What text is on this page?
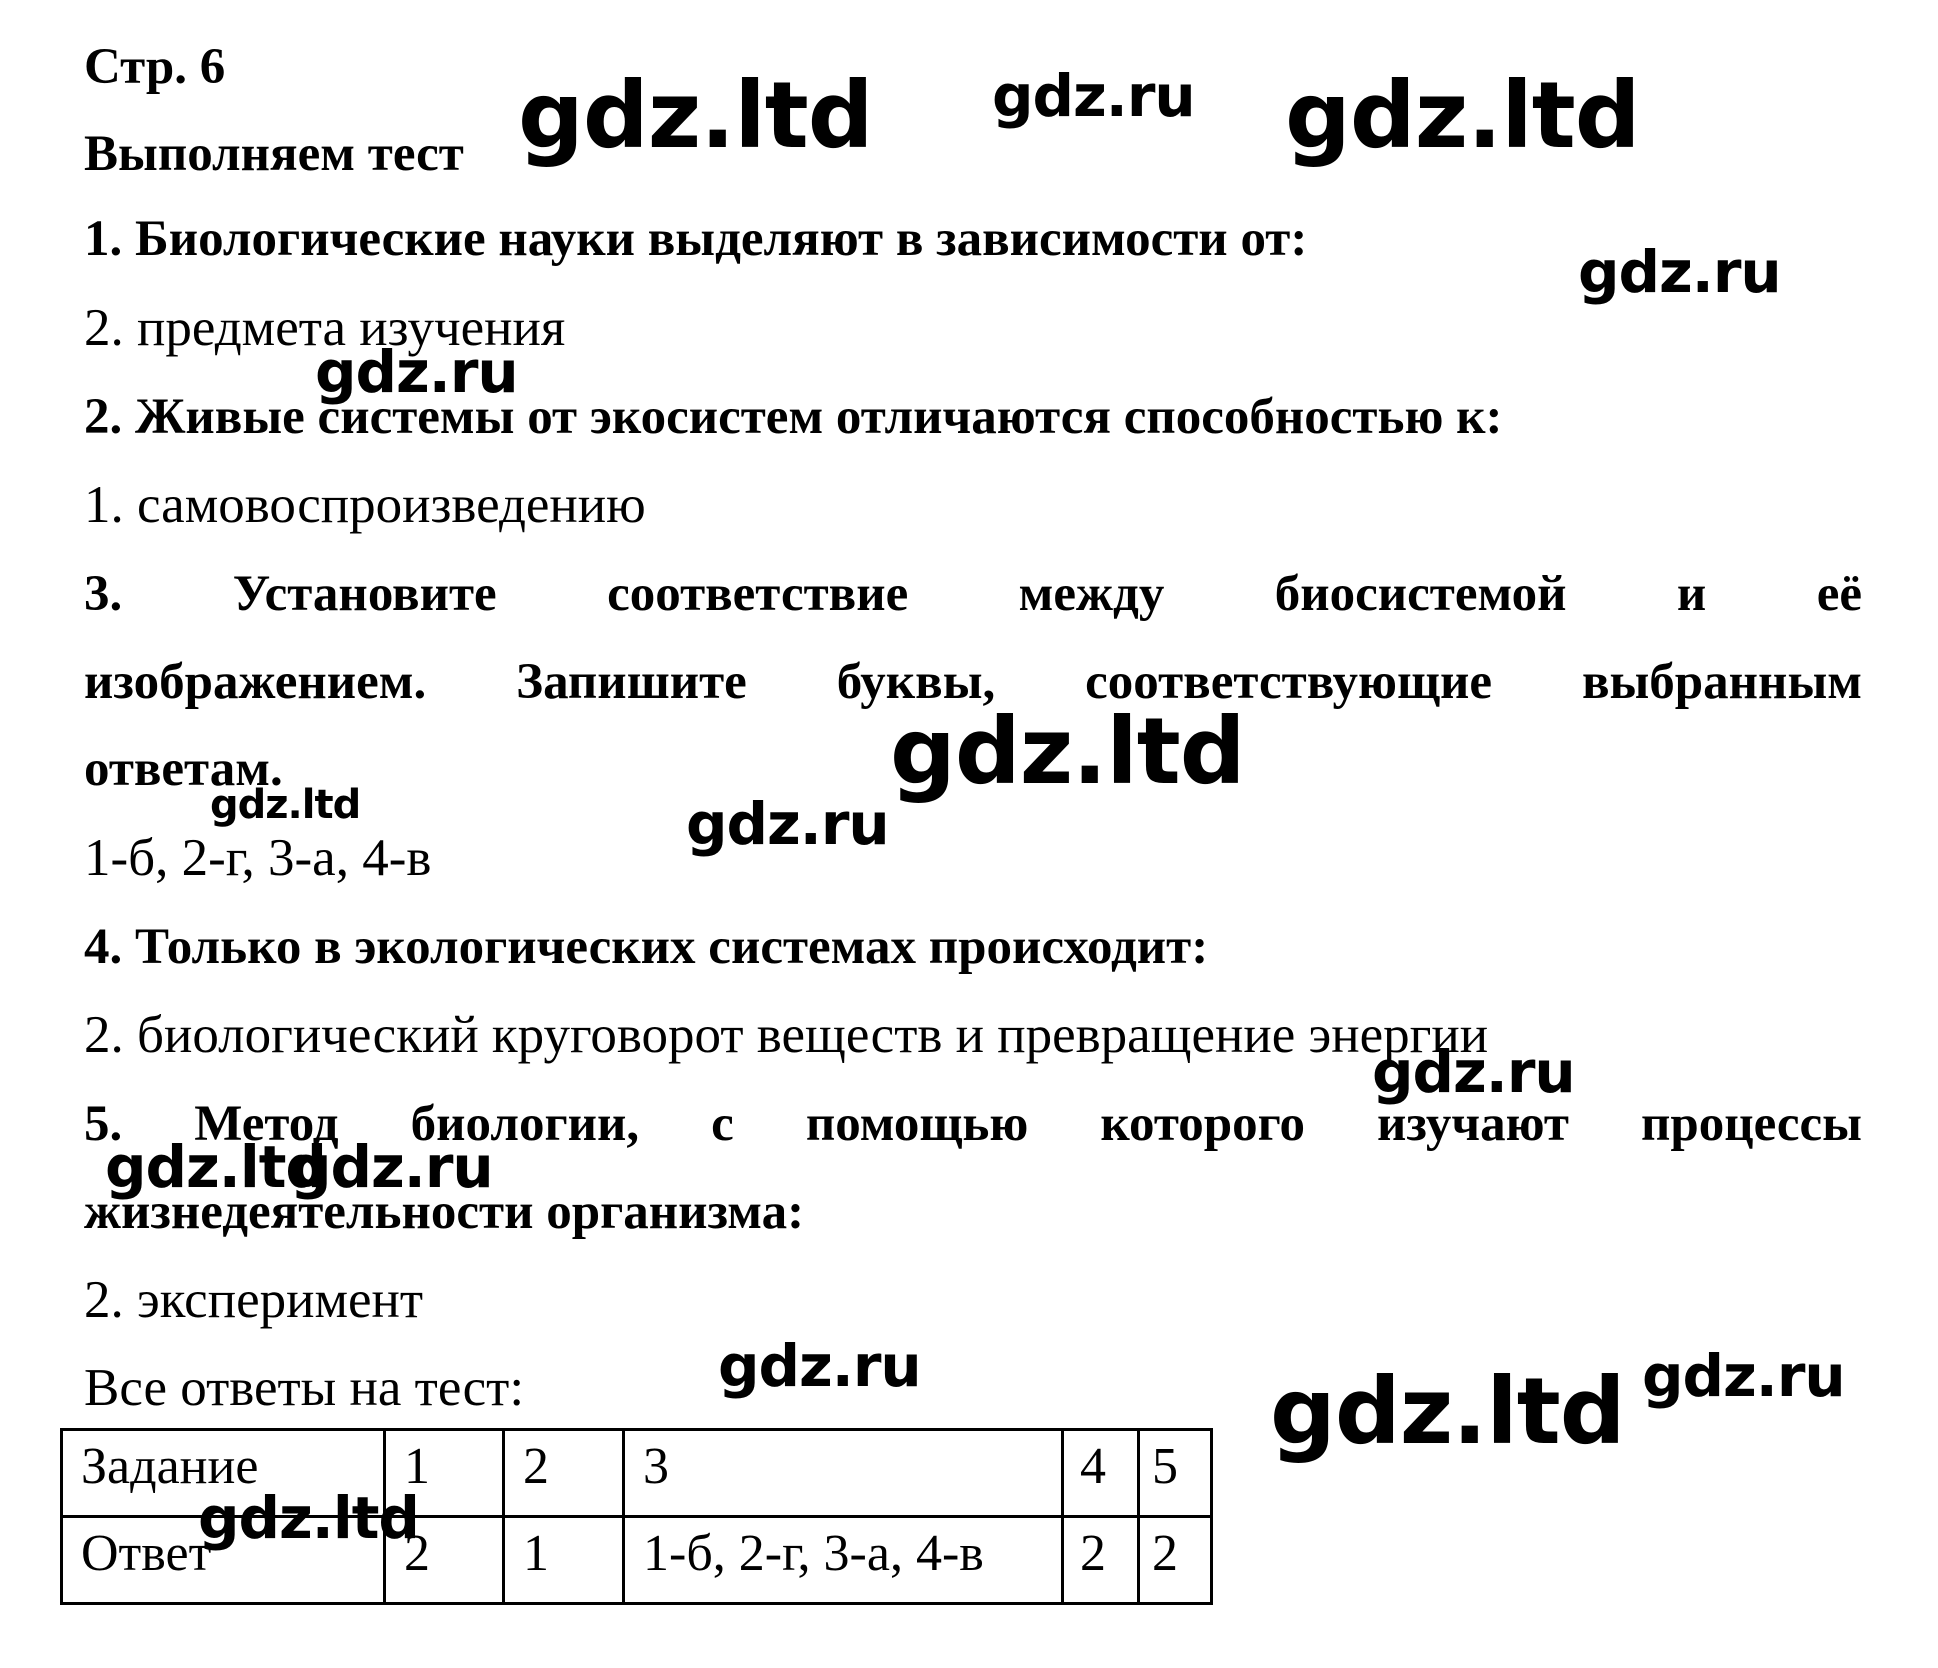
Стр. 6

Выполняем тест

1. Биологические науки выделяют в зависимости от:

2. предмета изучения

2. Живые системы от экосистем отличаются способностью к:

1. самовоспроизведению

3. Установите соответствие между биосистемой и её

изображением. Запишите буквы, соответствующие выбранным

ответам.

1-б, 2-г, 3-а, 4-в

4. Только в экологических системах происходит:

2. биологический круговорот веществ и превращение энергии

5. Метод биологии, с помощью которого изучают процессы

жизнедеятельности организма:

2. эксперимент

Все ответы на тест:

Задание	1	2	3	4	5
Ответ	2	1	1-б, 2-г, 3-а, 4-в	2	2

gdz.ltd gdz.ru gdz.ltd

gdz.ru

gdz.ru

gdz.ltd

gdz.ltd	gdz.ru

gdz.ru

gdz.ltd

gdz.ru

gdz.ru	gdz.ltd gdz.ru

gdz.ltd
